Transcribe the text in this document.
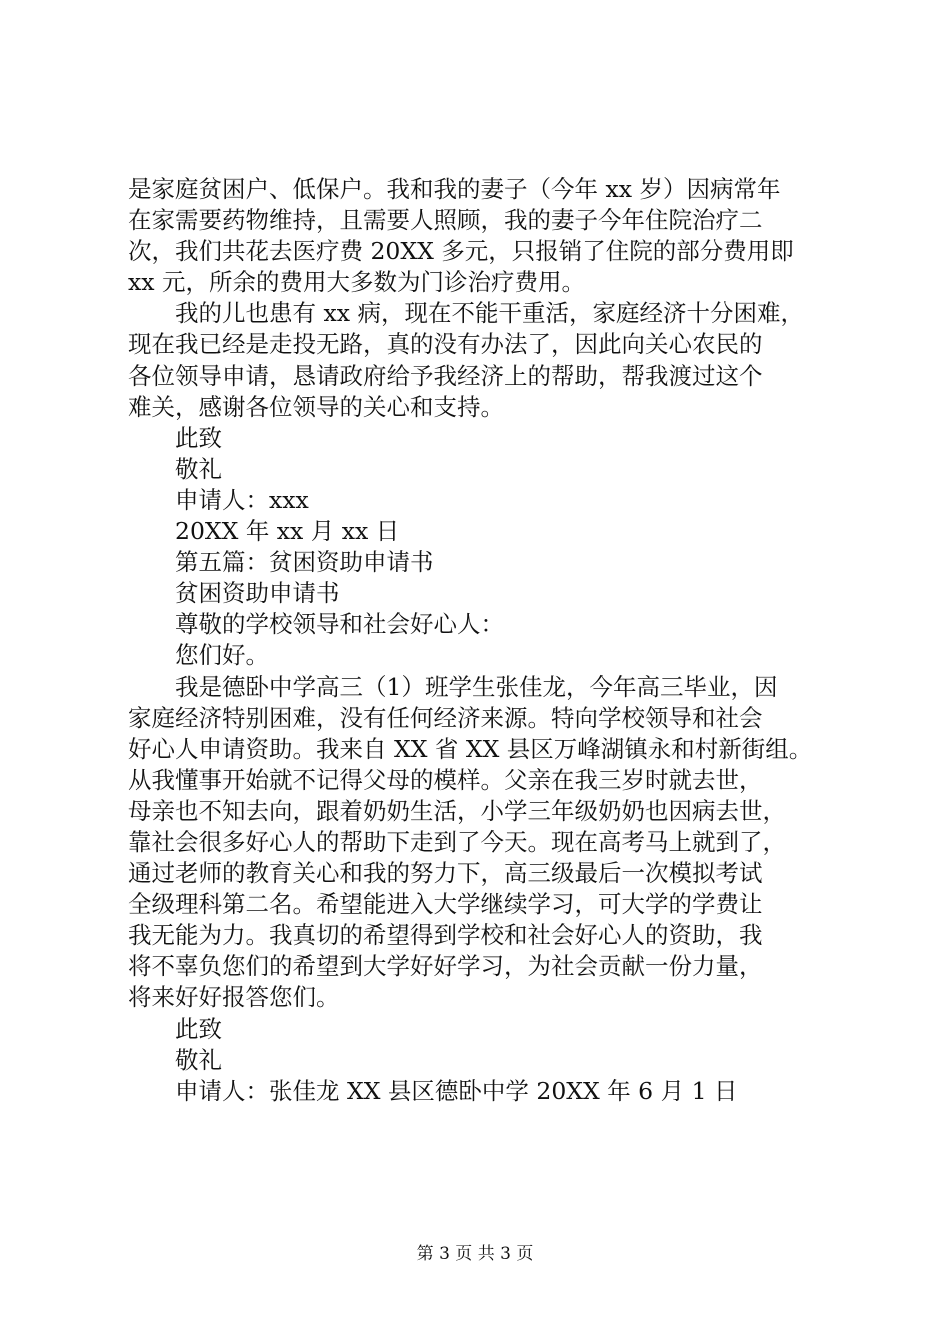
是家庭贫困户、低保户。我和我的妻子（今年 xx 岁）因病常年
在家需要药物维持，且需要人照顾，我的妻子今年住院治疗二
次，我们共花去医疗费 20XX 多元，只报销了住院的部分费用即
xx 元，所余的费用大多数为门诊治疗费用。
我的儿也患有 xx 病，现在不能干重活，家庭经济十分困难，
现在我已经是走投无路，真的没有办法了，因此向关心农民的
各位领导申请，恳请政府给予我经济上的帮助，帮我渡过这个
难关，感谢各位领导的关心和支持。
此致
敬礼
申请人：xxx
20XX 年 xx 月 xx 日
第五篇：贫困资助申请书
贫困资助申请书
尊敬的学校领导和社会好心人：
您们好。
我是德卧中学高三（1）班学生张佳龙，今年高三毕业，因
家庭经济特别困难，没有任何经济来源。特向学校领导和社会
好心人申请资助。我来自 XX 省 XX 县区万峰湖镇永和村新街组。
从我懂事开始就不记得父母的模样。父亲在我三岁时就去世，
母亲也不知去向，跟着奶奶生活，小学三年级奶奶也因病去世，
靠社会很多好心人的帮助下走到了今天。现在高考马上就到了，
通过老师的教育关心和我的努力下，高三级最后一次模拟考试
全级理科第二名。希望能进入大学继续学习，可大学的学费让
我无能为力。我真切的希望得到学校和社会好心人的资助，我
将不辜负您们的希望到大学好好学习，为社会贡献一份力量，
将来好好报答您们。
此致
敬礼
申请人：张佳龙 XX 县区德卧中学 20XX 年 6 月 1 日
第 3 页 共 3 页
